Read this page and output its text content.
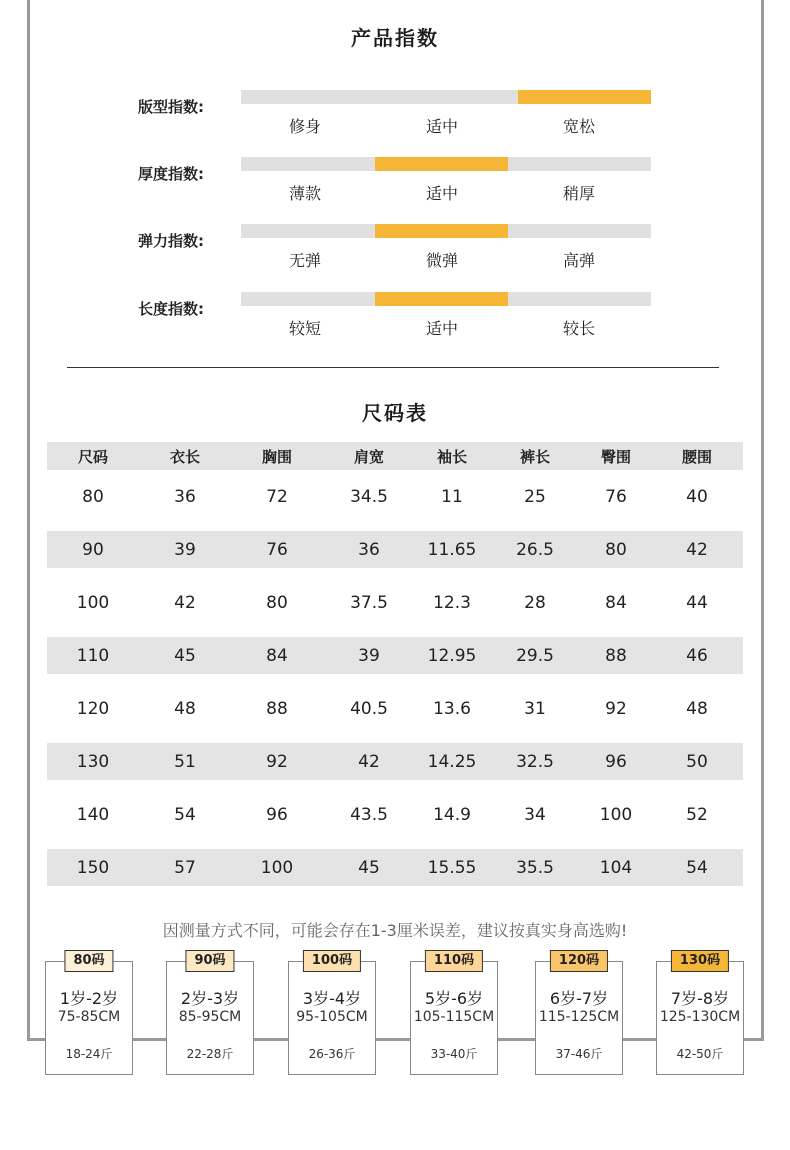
产品指数
版型指数:
修身	适中	宽松
厚度指数:
薄款	适中	稍厚
弹力指数:
无弹	微弹	高弹
长度指数:
较短	适中	较长
尺码表
尺码	衣长	胸围	肩宽	袖长	裤长	臀围	腰围
80	36	72	34.5	11	25	76	40
90	39	76	36	11.65	26.5	80	42
100	42	80	37.5	12.3	28	84	44
110	45	84	39	12.95	29.5	88	46
120	48	88	40.5	13.6	31	92	48
130	51	92	42	14.25	32.5	96	50
140	54	96	43.5	14.9	34	100	52
150	57	100	45	15.55	35.5	104	54
因测量方式不同，可能会存在1-3厘米误差，建议按真实身高选购!
80码
1岁-2岁
75-85CM
18-24斤
90码
2岁-3岁
85-95CM
22-28斤
100码
3岁-4岁
95-105CM
26-36斤
110码
5岁-6岁
105-115CM
33-40斤
120码
6岁-7岁
115-125CM
37-46斤
130码
7岁-8岁
125-130CM
42-50斤
